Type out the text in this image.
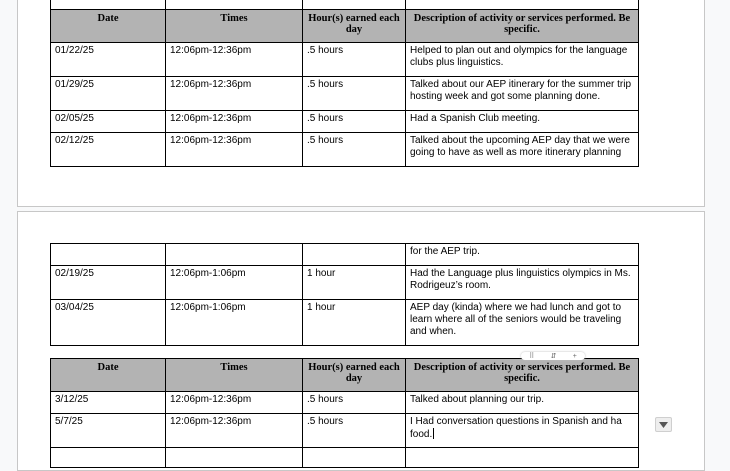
Date	Times	Hour(s) earned each day	Description of activity or services performed. Be specific.
01/22/25	12:06pm-12:36pm	.5 hours	Helped to plan out and olympics for the language clubs plus linguistics.
01/29/25	12:06pm-12:36pm	.5 hours	Talked about our AEP itinerary for the summer trip hosting week and got some planning done.
02/05/25	12:06pm-12:36pm	.5 hours	Had a Spanish Club meeting.
02/12/25	12:06pm-12:36pm	.5 hours	Talked about the upcoming AEP day that we were going to have as well as more itinerary planning
			for the AEP trip.
02/19/25	12:06pm-1:06pm	1 hour	Had the Language plus linguistics olympics in Ms. Rodrigeuz’s room.
03/04/25	12:06pm-1:06pm	1 hour	AEP day (kinda) where we had lunch and got to learn where all of the seniors would be traveling and when.
Date	Times	Hour(s) earned each day	Description of activity or services performed. Be specific.
3/12/25	12:06pm-12:36pm	.5 hours	Talked about planning our trip.
5/7/25	12:06pm-12:36pm	.5 hours	I Had conversation questions in Spanish and ha food.

⠿ ⇵ +
